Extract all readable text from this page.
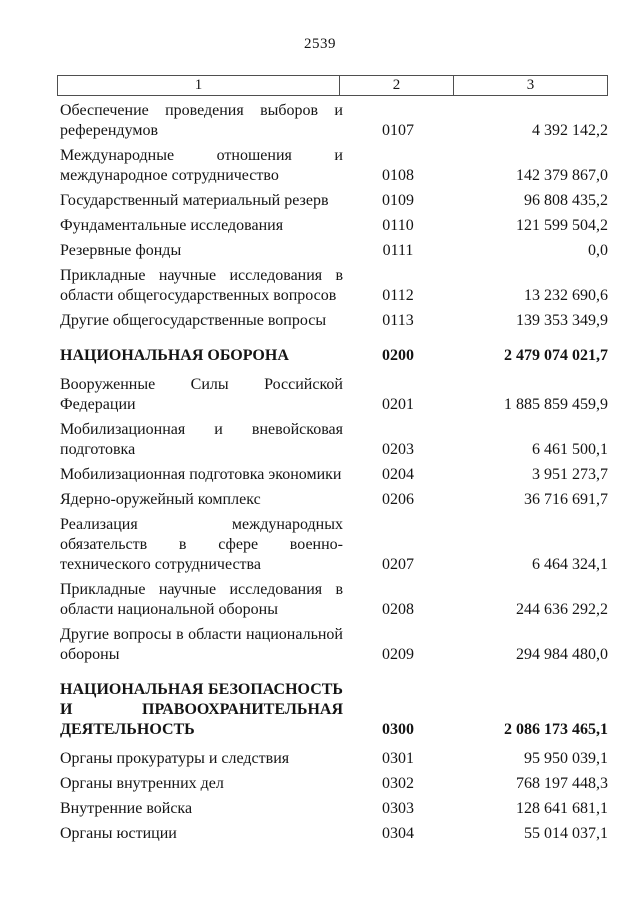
2539
1	2	3
Обеспечение проведения выборов и референдумов	0107	4 392 142,2
Международные отношения и международное сотрудничество	0108	142 379 867,0
Государственный материальный резерв	0109	96 808 435,2
Фундаментальные исследования	0110	121 599 504,2
Резервные фонды	0111	0,0
Прикладные научные исследования в области общегосударственных вопросов	0112	13 232 690,6
Другие общегосударственные вопросы	0113	139 353 349,9
НАЦИОНАЛЬНАЯ ОБОРОНА	0200	2 479 074 021,7
Вооруженные Силы Российской Федерации	0201	1 885 859 459,9
Мобилизационная и вневойсковая подготовка	0203	6 461 500,1
Мобилизационная подготовка экономики	0204	3 951 273,7
Ядерно-оружейный комплекс	0206	36 716 691,7
Реализация международных обязательств в сфере военно-технического сотрудничества	0207	6 464 324,1
Прикладные научные исследования в области национальной обороны	0208	244 636 292,2
Другие вопросы в области национальной обороны	0209	294 984 480,0
НАЦИОНАЛЬНАЯ БЕЗОПАСНОСТЬ И ПРАВООХРАНИТЕЛЬНАЯ ДЕЯТЕЛЬНОСТЬ	0300	2 086 173 465,1
Органы прокуратуры и следствия	0301	95 950 039,1
Органы внутренних дел	0302	768 197 448,3
Внутренние войска	0303	128 641 681,1
Органы юстиции	0304	55 014 037,1
